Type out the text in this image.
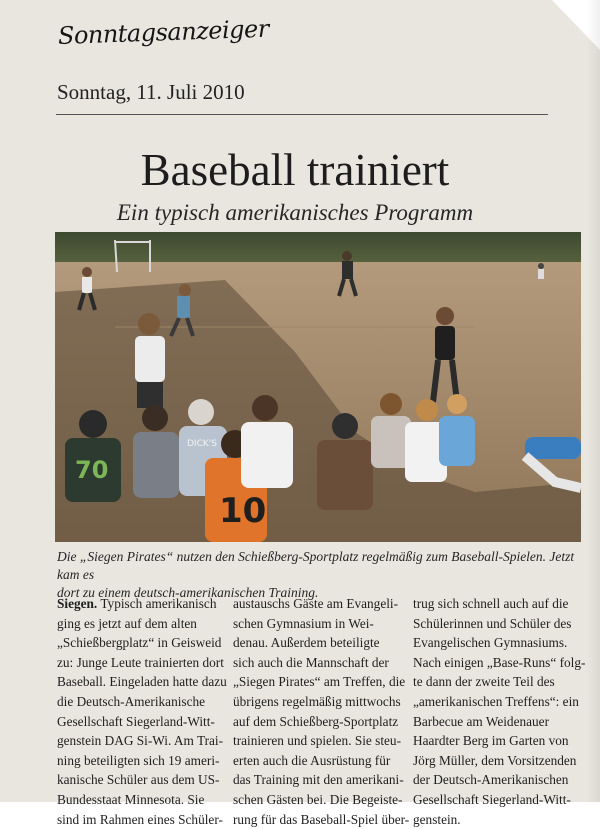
Sonntagsanzeiger
Sonntag, 11. Juli 2010
Baseball trainiert
Ein typisch amerikanisches Programm
70
DICK'S
10
Die „Siegen Pirates“ nutzen den Schießberg-Sportplatz regelmäßig zum Baseball-Spielen. Jetzt kam es
dort zu einem deutsch-amerikanischen Training.
Siegen. Typisch amerikanisch
ging es jetzt auf dem alten
„Schießbergplatz“ in Geisweid
zu: Junge Leute trainierten dort
Baseball. Eingeladen hatte dazu
die Deutsch-Amerikanische
Gesellschaft Siegerland-Witt-
genstein DAG Si-Wi. Am Trai-
ning beteiligten sich 19 ameri-
kanische Schüler aus dem US-
Bundesstaat Minnesota. Sie
sind im Rahmen eines Schüler-
austauschs Gäste am Evangeli-
schen Gymnasium in Wei-
denau. Außerdem beteiligte
sich auch die Mannschaft der
„Siegen Pirates“ am Treffen, die
übrigens regelmäßig mittwochs
auf dem Schießberg-Sportplatz
trainieren und spielen. Sie steu-
erten auch die Ausrüstung für
das Training mit den amerikani-
schen Gästen bei. Die Begeiste-
rung für das Baseball-Spiel über-
trug sich schnell auch auf die
Schülerinnen und Schüler des
Evangelischen Gymnasiums.
Nach einigen „Base-Runs“ folg-
te dann der zweite Teil des
„amerikanischen Treffens“: ein
Barbecue am Weidenauer
Haardter Berg im Garten von
Jörg Müller, dem Vorsitzenden
der Deutsch-Amerikanischen
Gesellschaft Siegerland-Witt-
genstein.
